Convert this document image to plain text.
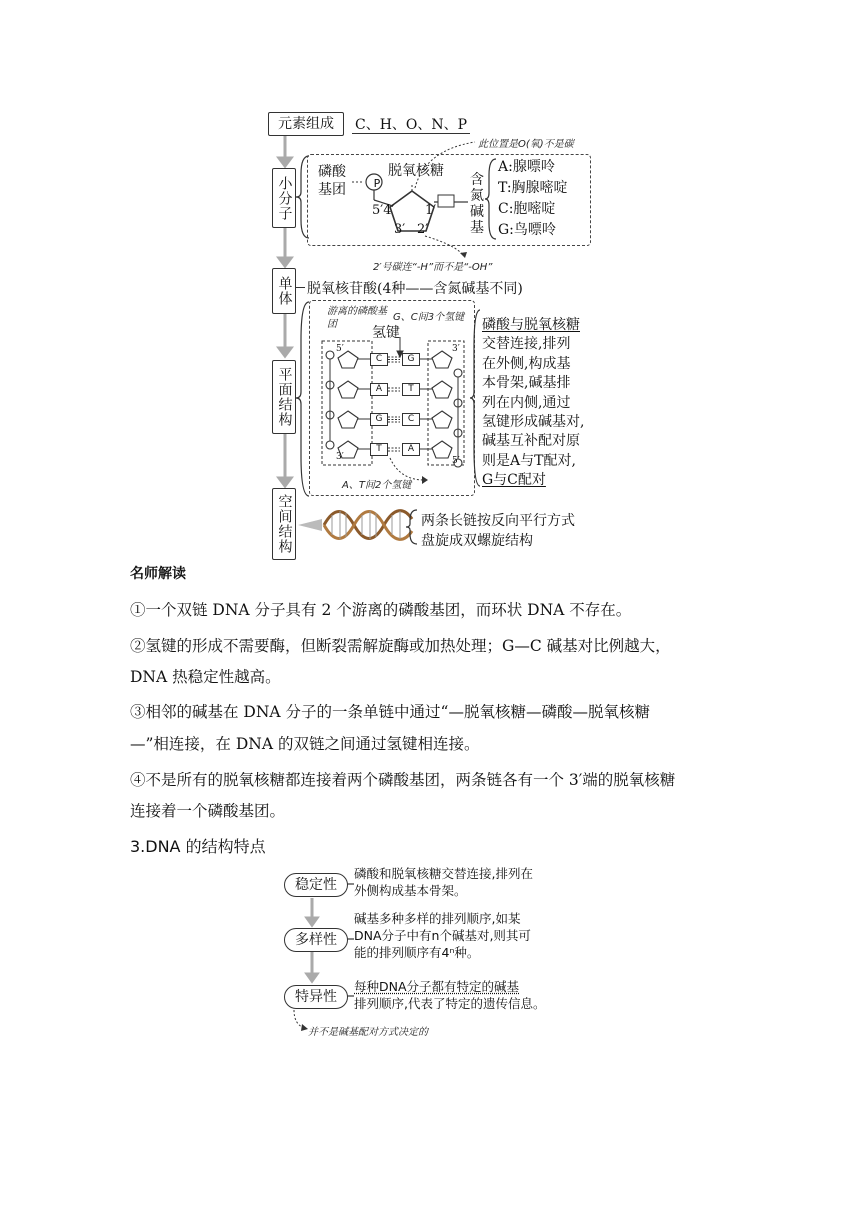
元素组成	C、H、O、N、P
此位置是O(氧)不是碳
小分子
磷酸基团	P
脱氧核糖
5′4′ 1′
3′ 2′
含氮碱基
A:腺嘌呤
T:胸腺嘧啶
C:胞嘧啶
G:鸟嘌呤
2′号碳连“-H”而不是“-OH”
单体 脱氧核苷酸(4种——含氮碱基不同)
平面结构
游离的磷酸基团
G、C间3个氢键
氢键
C
A
G
T
G
T
C
A
5′	3′
3′	5′
A、T间2个氢键
磷酸与脱氧核糖
交替连接,排列
在外侧,构成基
本骨架,碱基排
列在内侧,通过
氢键形成碱基对,
碱基互补配对原
则是A与T配对,
G与C配对
空间结构	两条长链按反向平行方式
盘旋成双螺旋结构
名师解读
①一个双链 DNA 分子具有 2 个游离的磷酸基团，而环状 DNA 不存在。
②氢键的形成不需要酶，但断裂需解旋酶或加热处理；G—C 碱基对比例越大，
DNA 热稳定性越高。
③相邻的碱基在 DNA 分子的一条单链中通过“—脱氧核糖—磷酸—脱氧核糖
—”相连接，在 DNA 的双链之间通过氢键相连接。
④不是所有的脱氧核糖都连接着两个磷酸基团，两条链各有一个 3′端的脱氧核糖
连接着一个磷酸基团。
3.DNA 的结构特点
稳定性
多样性
特异性
磷酸和脱氧核糖交替连接,排列在
外侧构成基本骨架。
碱基多种多样的排列顺序,如某
DNA分子中有n个碱基对,则其可
能的排列顺序有4ⁿ种。
每种DNA分子都有特定的碱基
排列顺序,代表了特定的遗传信息。
并不是碱基配对方式决定的
